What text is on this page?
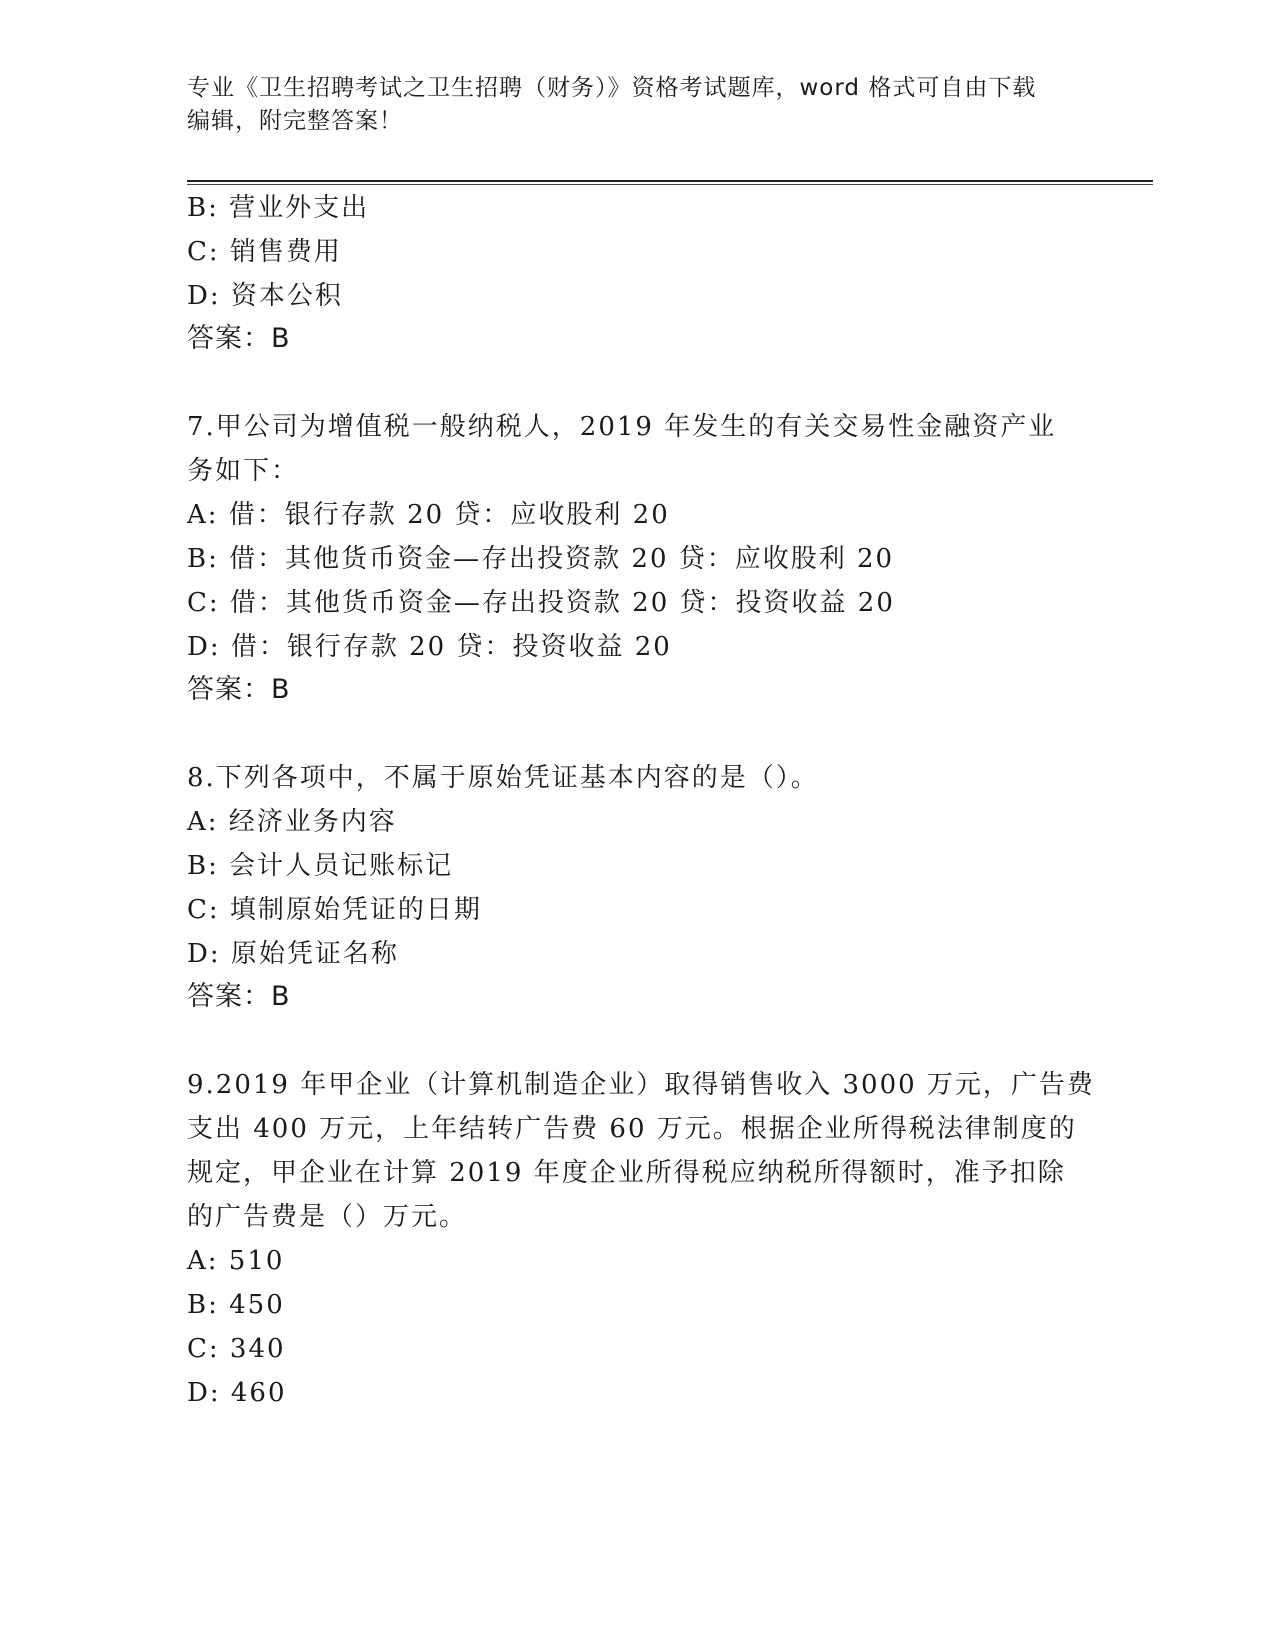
专业《卫生招聘考试之卫生招聘（财务）》资格考试题库，word 格式可自由下载
编辑，附完整答案！
B: 营业外支出
C: 销售费用
D: 资本公积
答案：B
7.甲公司为增值税一般纳税人，2019 年发生的有关交易性金融资产业
务如下：
A: 借：银行存款 20 贷：应收股利 20
B: 借：其他货币资金—存出投资款 20 贷：应收股利 20
C: 借：其他货币资金—存出投资款 20 贷：投资收益 20
D: 借：银行存款 20 贷：投资收益 20
答案：B
8.下列各项中，不属于原始凭证基本内容的是（）。
A: 经济业务内容
B: 会计人员记账标记
C: 填制原始凭证的日期
D: 原始凭证名称
答案：B
9.2019 年甲企业（计算机制造企业）取得销售收入 3000 万元，广告费
支出 400 万元，上年结转广告费 60 万元。根据企业所得税法律制度的
规定，甲企业在计算 2019 年度企业所得税应纳税所得额时，准予扣除
的广告费是（）万元。
A: 510
B: 450
C: 340
D: 460
